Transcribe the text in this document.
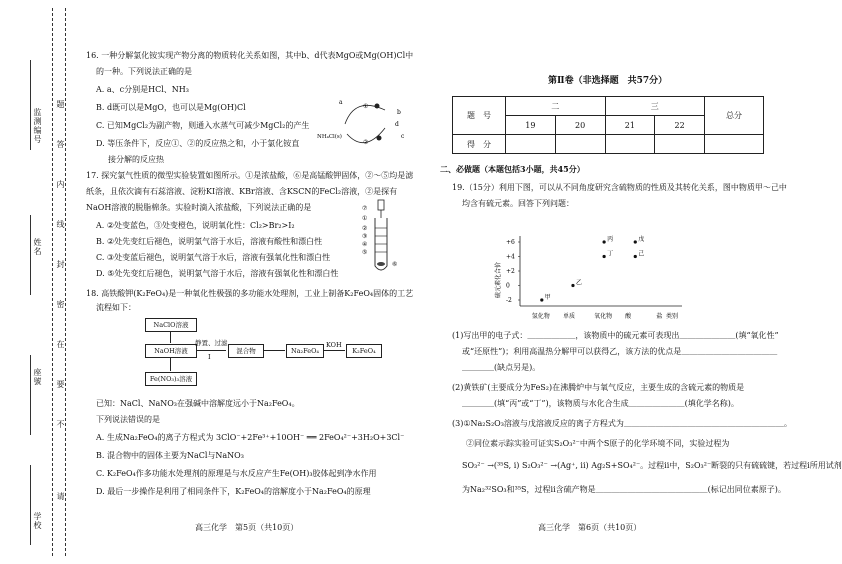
监测编号
姓名
座號
学校
请
不
要
在
密
封
线
内
答
题
16. 一种分解氯化铵实现产物分离的物质转化关系如图，其中b、d代表MgO或Mg(OH)Cl中
的一种。下列说法正确的是
A. a、c分别是HCl、NH₃
B. d既可以是MgO，也可以是Mg(OH)Cl
C. 已知MgCl₂为副产物，则通入水蒸气可减少MgCl₂的产生
D. 等压条件下，反应①、②的反应热之和，小于氯化铵直
接分解的反应热
a
b
c
d
①
②
NH₄Cl(s)
17. 探究氯气性质的微型实验装置如图所示。①是浓盐酸，⑥是高锰酸钾固体，②～⑤均是滤
纸条，且依次滴有石蕊溶液、淀粉KI溶液、KBr溶液、含KSCN的FeCl₂溶液，②是探有
NaOH溶液的脱脂棉条。实验时滴入浓盐酸，下列说法正确的是
A. ②处变蓝色，③处变橙色，说明氧化性：Cl₂>Br₂>I₂
B. ②处先变红后褪色，说明氯气溶于水后，溶液有酸性和漂白性
C. ③处变蓝后褪色，说明氯气溶于水后，溶液有强氧化性和漂白性
D. ⑤处先变红后褪色，说明氯气溶于水后，溶液有强氧化性和漂白性
⑦
①
②
③
④
⑤
⑥
18. 高铁酸钾(K₂FeO₄)是一种氧化性极强的多功能水处理剂，工业上制备K₂FeO₄固体的工艺
流程如下：
NaClO溶液
NaOH溶液
Fe(NO₃)₃溶液
静置、过滤
I
混合物	Na₂FeO₄
KOH
K₂FeO₄
已知：NaCl、NaNO₃在强碱中溶解度远小于Na₂FeO₄。
下列说法错误的是
A. 生成Na₂FeO₄的离子方程式为 3ClO⁻+2Fe³⁺+10OH⁻ ══ 2FeO₄²⁻+3H₂O+3Cl⁻
B. 混合物中的固体主要为NaCl与NaNO₃
C. K₂FeO₄作多功能水处理剂的原理是与水反应产生Fe(OH)₃胶体起到净水作用
D. 最后一步操作是利用了相同条件下，K₂FeO₄的溶解度小于Na₂FeO₄的原理
高三化学　第5页（共10页）
第Ⅱ卷（非选择题　共57分）
题　号	二		三		总分
	19	20	21	22	
得　分					
二、必做题（本题包括3小题，共45分）
19.（15分）利用下图，可以从不同角度研究含硫物质的性质及其转化关系，图中物质甲～己中
均含有硫元素。回答下列问题：
硫元素化合价
+6
+4
+2
0
-2
氢化物 单质	氧化物 酸	盐
甲
乙
丙
丁
戊
己
类别
(1)写出甲的电子式：＿＿＿＿＿＿，该物质中的硫元素可表现出＿＿＿＿＿＿＿(填“氧化性”
或“还原性”)；利用高温热分解甲可以获得乙，该方法的优点是＿＿＿＿＿＿＿＿＿＿＿＿
＿＿＿＿(缺点另是)。
(2)黄铁矿(主要成分为FeS₂)在沸腾炉中与氧气反应，主要生成的含硫元素的物质是
＿＿＿＿(填“丙”或“丁”)，该物质与水化合生成＿＿＿＿＿＿＿(填化学名称)。
(3)①Na₂S₂O₃溶液与戊溶液反应的离子方程式为＿＿＿＿＿＿＿＿＿＿＿＿＿＿＿＿＿＿＿＿。
②同位素示踪实验可证实S₂O₃²⁻中两个S原子的化学环境不同，实验过程为
SO₃²⁻ →(³⁵S, i) S₂O₃²⁻ →(Ag⁺, ii) Ag₂S+SO₄²⁻。过程ii中，S₂O₃²⁻断裂的只有硫硫键，若过程i所用试剂
为Na₂³²SO₃和³⁵S，过程ii含硫产物是＿＿＿＿＿＿＿＿＿＿＿＿＿＿(标记出同位素原子)。
高三化学　第6页（共10页）
